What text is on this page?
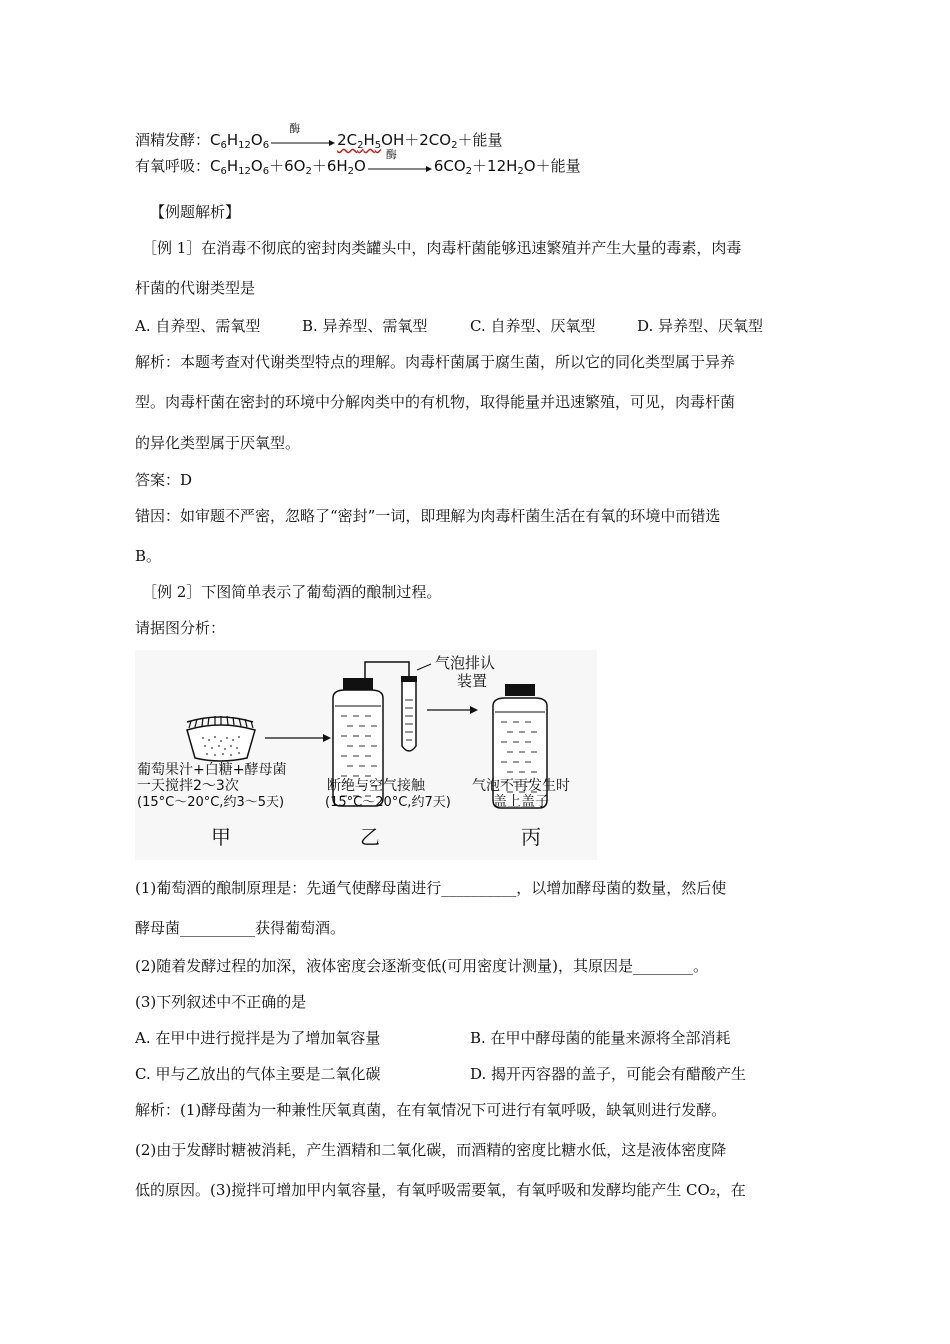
酒精发酵：$C_6H_{12}O_6$
酶
$2C_2H_5OH+2CO_2+$能量
有氧呼吸：$C_6H_{12}O_6+6O_2+6H_2O$
酶
$6CO_2+12H_2O+$能量
【例题解析】
［例 1］在消毒不彻底的密封肉类罐头中，肉毒杆菌能够迅速繁殖并产生大量的毒素，肉毒
杆菌的代谢类型是
A. 自养型、需氧型	B. 异养型、需氧型	C. 自养型、厌氧型	D. 异养型、厌氧型
解析：本题考查对代谢类型特点的理解。肉毒杆菌属于腐生菌，所以它的同化类型属于异养
型。肉毒杆菌在密封的环境中分解肉类中的有机物，取得能量并迅速繁殖，可见，肉毒杆菌
的异化类型属于厌氧型。
答案：D
错因：如审题不严密，忽略了“密封”一词，即理解为肉毒杆菌生活在有氧的环境中而错选
B。
［例 2］下图简单表示了葡萄酒的酿制过程。
请据图分析：
气泡排认
装置
葡萄果汁+白糖+酵母菌
一天搅拌2～3次
(15°C～20°C,约3～5天)
断绝与空气接触
(15°C～20°C,约7天)
气泡不再发生时
盖上盖子
甲	乙	丙
(1)葡萄酒的酿制原理是：先通气使酵母菌进行__________，以增加酵母菌的数量，然后使
酵母菌__________获得葡萄酒。
(2)随着发酵过程的加深，液体密度会逐渐变低(可用密度计测量)，其原因是________。
(3)下列叙述中不正确的是
A. 在甲中进行搅拌是为了增加氧容量	B. 在甲中酵母菌的能量来源将全部消耗
C. 甲与乙放出的气体主要是二氧化碳	D. 揭开丙容器的盖子，可能会有醋酸产生
解析：(1)酵母菌为一种兼性厌氧真菌，在有氧情况下可进行有氧呼吸，缺氧则进行发酵。
(2)由于发酵时糖被消耗，产生酒精和二氧化碳，而酒精的密度比糖水低，这是液体密度降
低的原因。(3)搅拌可增加甲内氧容量，有氧呼吸需要氧，有氧呼吸和发酵均能产生 CO₂，在
